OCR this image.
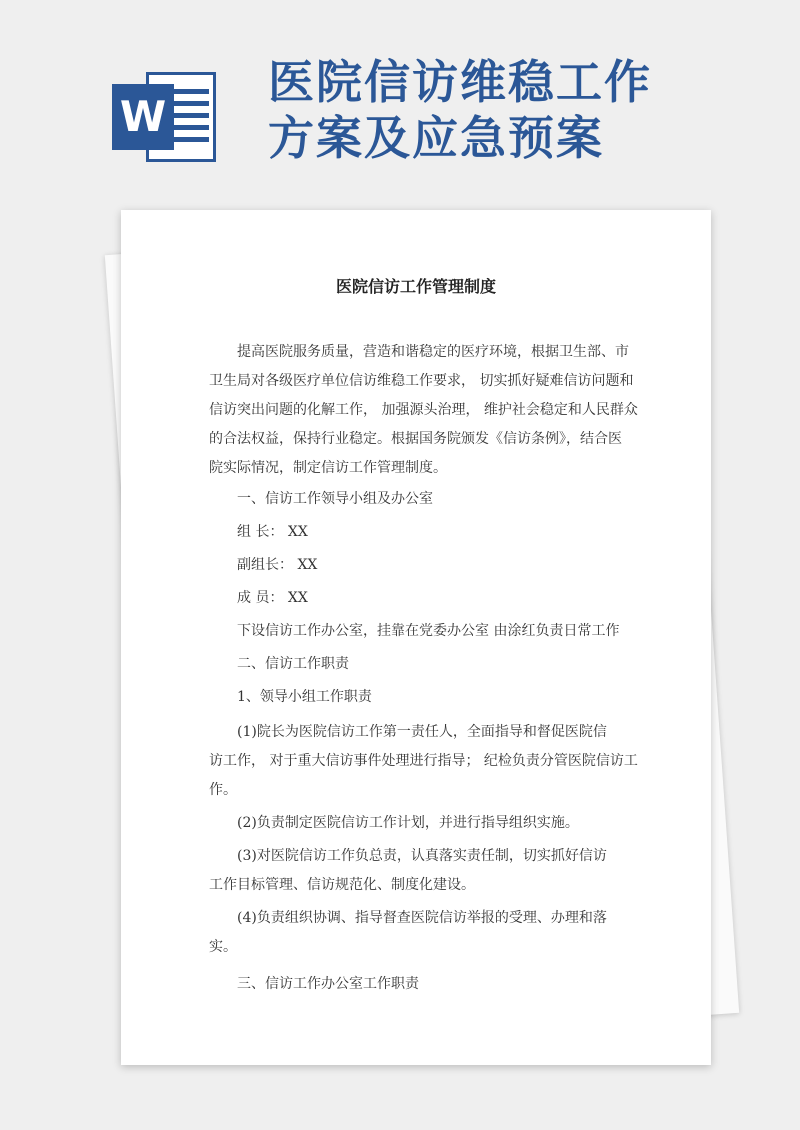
W
医院信访维稳工作
方案及应急预案
医院信访工作管理制度
提高医院服务质量，营造和谐稳定的医疗环境，根据卫生部、市
卫生局对各级医疗单位信访维稳工作要求， 切实抓好疑难信访问题和
信访突出问题的化解工作， 加强源头治理， 维护社会稳定和人民群众
的合法权益，保持行业稳定。根据国务院颁发《信访条例》，结合医
院实际情况，制定信访工作管理制度。

一、信访工作领导小组及办公室

组 长： XX

副组长： XX

成 员： XX

下设信访工作办公室，挂靠在党委办公室 由涂红负责日常工作

二、信访工作职责

1、领导小组工作职责

(1)院长为医院信访工作第一责任人，全面指导和督促医院信
访工作， 对于重大信访事件处理进行指导； 纪检负责分管医院信访工
作。
(2)负责制定医院信访工作计划，并进行指导组织实施。
(3)对医院信访工作负总责，认真落实责任制，切实抓好信访
工作目标管理、信访规范化、制度化建设。
(4)负责组织协调、指导督查医院信访举报的受理、办理和落
实。

三、信访工作办公室工作职责
